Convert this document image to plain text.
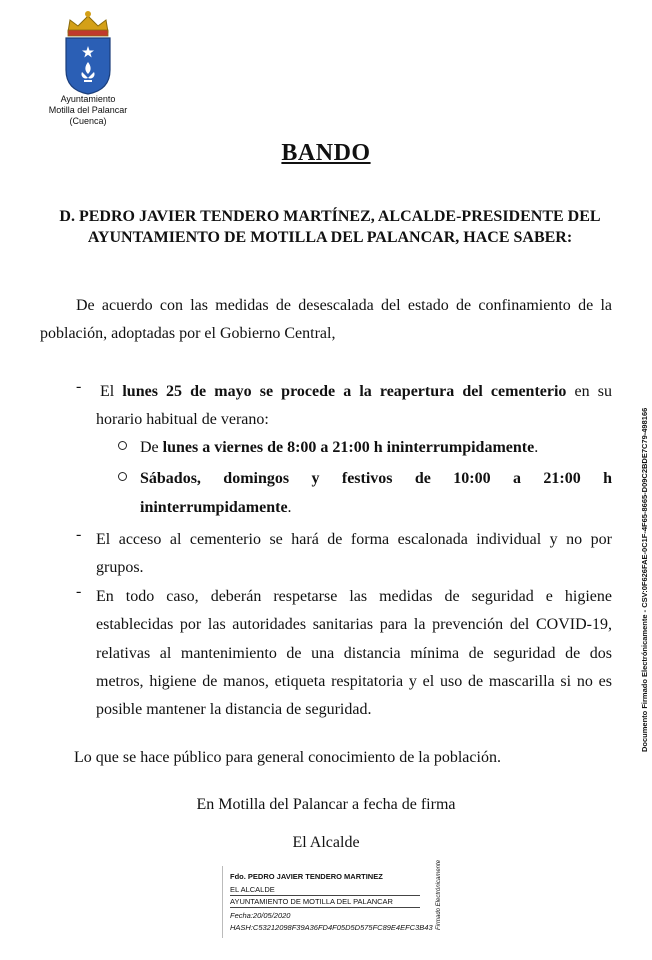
Ayuntamiento
Motilla del Palancar
(Cuenca)
BANDO
D. PEDRO JAVIER TENDERO MARTÍNEZ, ALCALDE-PRESIDENTE DEL
AYUNTAMIENTO DE MOTILLA DEL PALANCAR, HACE SABER:
De acuerdo con las medidas de desescalada del estado de confinamiento de la
población, adoptadas por el Gobierno Central,
- El lunes 25 de mayo se procede a la reapertura del cementerio en su
horario habitual de verano:
De lunes a viernes de 8:00 a 21:00 h ininterrumpidamente.
Sábados,   domingos   y   festivos   de   10:00   a   21:00   h
ininterrumpidamente.
- El acceso al cementerio se hará de forma escalonada individual y no por
grupos.
- En todo caso, deberán respetarse las medidas de seguridad e higiene
establecidas por las autoridades sanitarias para la prevención del COVID-19,
relativas al mantenimiento de una distancia mínima de seguridad de dos
metros, higiene de manos, etiqueta respitatoria y el uso de mascarilla si no es
posible mantener la distancia de seguridad.
Lo que se hace público para general conocimiento de la población.
En Motilla del Palancar a fecha de firma
El Alcalde
Fdo. PEDRO JAVIER TENDERO MARTINEZ
EL ALCALDE
AYUNTAMIENTO DE MOTILLA DEL PALANCAR
Fecha:20/05/2020
HASH:C53212098F39A36FD4F05D5D575FC89E4EFC3B43 Firmado Electrónicamente
Documento Firmado Electrónicamente - CSV:0F626FAE-0C1F-4F65-8665-D09C2BDE7C79-498166
